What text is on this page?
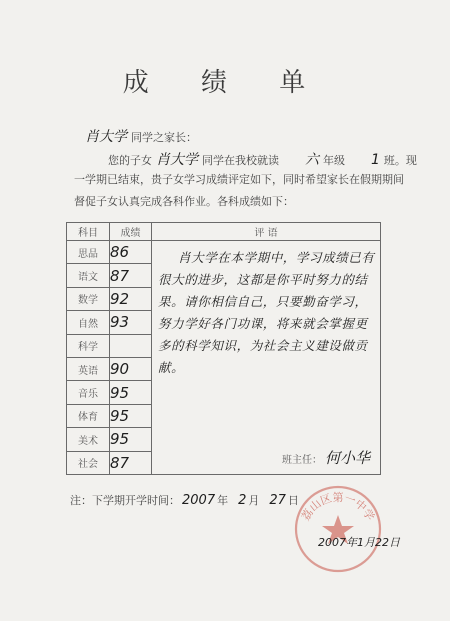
成 绩 单
肖大学 同学之家长：
您的子女 肖大学 同学在我校就读 六 年级 1 班。现
一学期已结束，贵子女学习成绩评定如下，同时希望家长在假期期间
督促子女认真完成各科作业。各科成绩如下：
科目	成绩	评 语
思品	86	肖大学在本学期中，学习成绩已有很大的进步，这都是你平时努力的结果。请你相信自己，只要勤奋学习，努力学好各门功课，将来就会掌握更多的科学知识，为社会主义建设做贡献。
班主任： 何小华

语文	87	
数学	92	
自然	93	
科学		
英语	90	
音乐	95	
体育	95	
美术	95	
社会	87	
注：下学期开学时间： 2007 年 2 月 27 日
荔山区第一中学
2007年1月22日
